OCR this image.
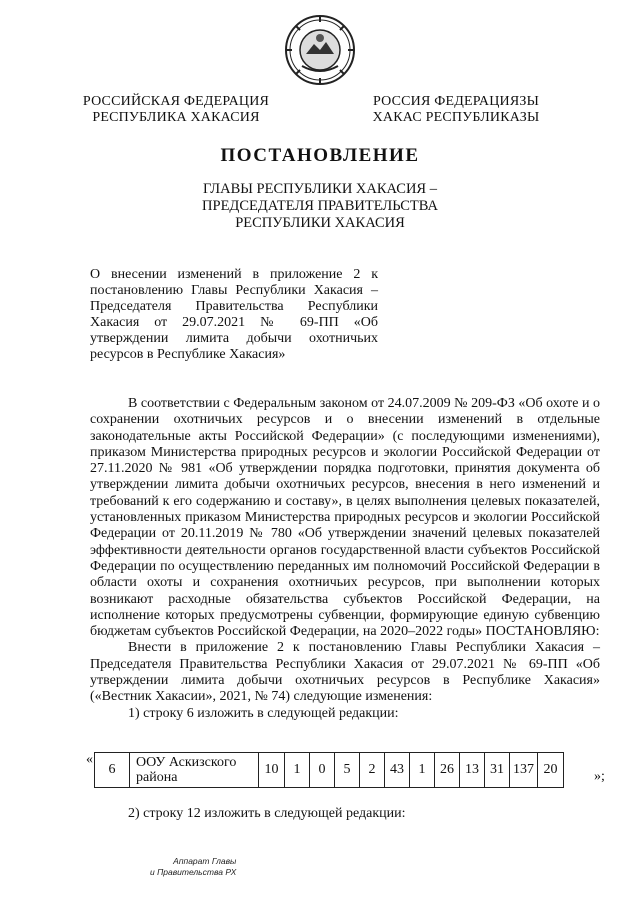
РОССИЙСКАЯ ФЕДЕРАЦИЯ
РЕСПУБЛИКА ХАКАСИЯ
РОССИЯ ФЕДЕРАЦИЯЗЫ
ХАКАС РЕСПУБЛИКАЗЫ
ПОСТАНОВЛЕНИЕ
ГЛАВЫ РЕСПУБЛИКИ ХАКАСИЯ –
ПРЕДСЕДАТЕЛЯ ПРАВИТЕЛЬСТВА
РЕСПУБЛИКИ ХАКАСИЯ
О внесении изменений в приложение 2 к
постановлению Главы Республики Хакасия –
Председателя Правительства Республики
Хакасия от 29.07.2021 № 69-ПП «Об
утверждении лимита добычи охотничьих
ресурсов в Республике Хакасия»

В соответствии с Федеральным законом от 24.07.2009 № 209-ФЗ «Об охоте и о сохранении охотничьих ресурсов и о внесении изменений в отдельные законодательные акты Российской Федерации» (с последующими изменениями), приказом Министерства природных ресурсов и экологии Российской Федерации от 27.11.2020 № 981 «Об утверждении порядка подготовки, принятия документа об утверждении лимита добычи охотничьих ресурсов, внесения в него изменений и требований к его содержанию и составу», в целях выполнения целевых показателей, установленных приказом Министерства природных ресурсов и экологии Российской Федерации от 20.11.2019 № 780 «Об утверждении значений целевых показателей эффективности деятельности органов государственной власти субъектов Российской Федерации по осуществлению переданных им полномочий Российской Федерации в области охоты и сохранения охотничьих ресурсов, при выполнении которых возникают расходные обязательства субъектов Российской Федерации, на исполнение которых предусмотрены субвенции, формирующие единую субвенцию бюджетам субъектов Российской Федерации, на 2020–2022 годы» ПОСТАНОВЛЯЮ:

Внести в приложение 2 к постановлению Главы Республики Хакасия – Председателя Правительства Республики Хакасия от 29.07.2021 № 69-ПП «Об утверждении лимита добычи охотничьих ресурсов в Республике Хакасия» («Вестник Хакасии», 2021, № 74) следующие изменения:

1) строку 6 изложить в следующей редакции:

«
6	ООУ Аскизского района	10	1	0	5	2	43	1	26	13	31	137	20	»;
2) строку 12 изложить в следующей редакции:
Аппарат Главы
и Правительства РХ
